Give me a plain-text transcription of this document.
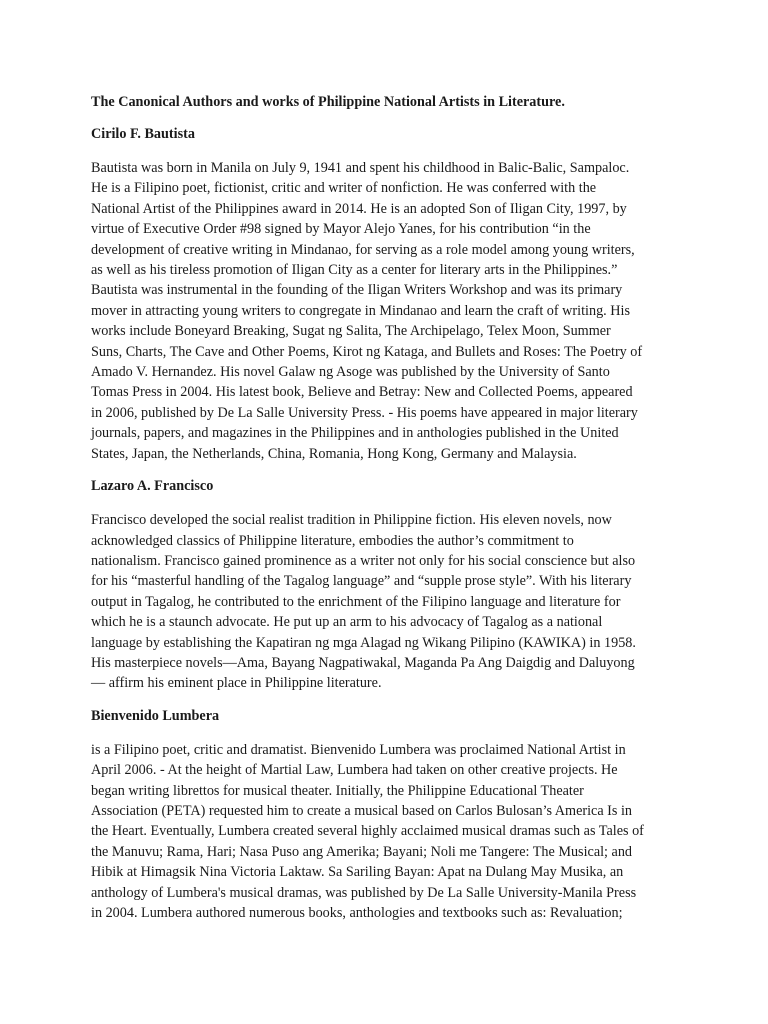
The Canonical Authors and works of Philippine National Artists in Literature.
Cirilo F. Bautista
Bautista was born in Manila on July 9, 1941 and spent his childhood in Balic-Balic, Sampaloc.
He is a Filipino poet, fictionist, critic and writer of nonfiction. He was conferred with the
National Artist of the Philippines award in 2014. He is an adopted Son of Iligan City, 1997, by
virtue of Executive Order #98 signed by Mayor Alejo Yanes, for his contribution “in the
development of creative writing in Mindanao, for serving as a role model among young writers,
as well as his tireless promotion of Iligan City as a center for literary arts in the Philippines.”
Bautista was instrumental in the founding of the Iligan Writers Workshop and was its primary
mover in attracting young writers to congregate in Mindanao and learn the craft of writing. His
works include Boneyard Breaking, Sugat ng Salita, The Archipelago, Telex Moon, Summer
Suns, Charts, The Cave and Other Poems, Kirot ng Kataga, and Bullets and Roses: The Poetry of
Amado V. Hernandez. His novel Galaw ng Asoge was published by the University of Santo
Tomas Press in 2004. His latest book, Believe and Betray: New and Collected Poems, appeared
in 2006, published by De La Salle University Press. - His poems have appeared in major literary
journals, papers, and magazines in the Philippines and in anthologies published in the United
States, Japan, the Netherlands, China, Romania, Hong Kong, Germany and Malaysia.
Lazaro A. Francisco
Francisco developed the social realist tradition in Philippine fiction. His eleven novels, now
acknowledged classics of Philippine literature, embodies the author’s commitment to
nationalism. Francisco gained prominence as a writer not only for his social conscience but also
for his “masterful handling of the Tagalog language” and “supple prose style”. With his literary
output in Tagalog, he contributed to the enrichment of the Filipino language and literature for
which he is a staunch advocate. He put up an arm to his advocacy of Tagalog as a national
language by establishing the Kapatiran ng mga Alagad ng Wikang Pilipino (KAWIKA) in 1958.
His masterpiece novels—Ama, Bayang Nagpatiwakal, Maganda Pa Ang Daigdig and Daluyong
— affirm his eminent place in Philippine literature.
Bienvenido Lumbera
is a Filipino poet, critic and dramatist. Bienvenido Lumbera was proclaimed National Artist in
April 2006. - At the height of Martial Law, Lumbera had taken on other creative projects. He
began writing librettos for musical theater. Initially, the Philippine Educational Theater
Association (PETA) requested him to create a musical based on Carlos Bulosan’s America Is in
the Heart. Eventually, Lumbera created several highly acclaimed musical dramas such as Tales of
the Manuvu; Rama, Hari; Nasa Puso ang Amerika; Bayani; Noli me Tangere: The Musical; and
Hibik at Himagsik Nina Victoria Laktaw. Sa Sariling Bayan: Apat na Dulang May Musika, an
anthology of Lumbera's musical dramas, was published by De La Salle University-Manila Press
in 2004. Lumbera authored numerous books, anthologies and textbooks such as: Revaluation;
